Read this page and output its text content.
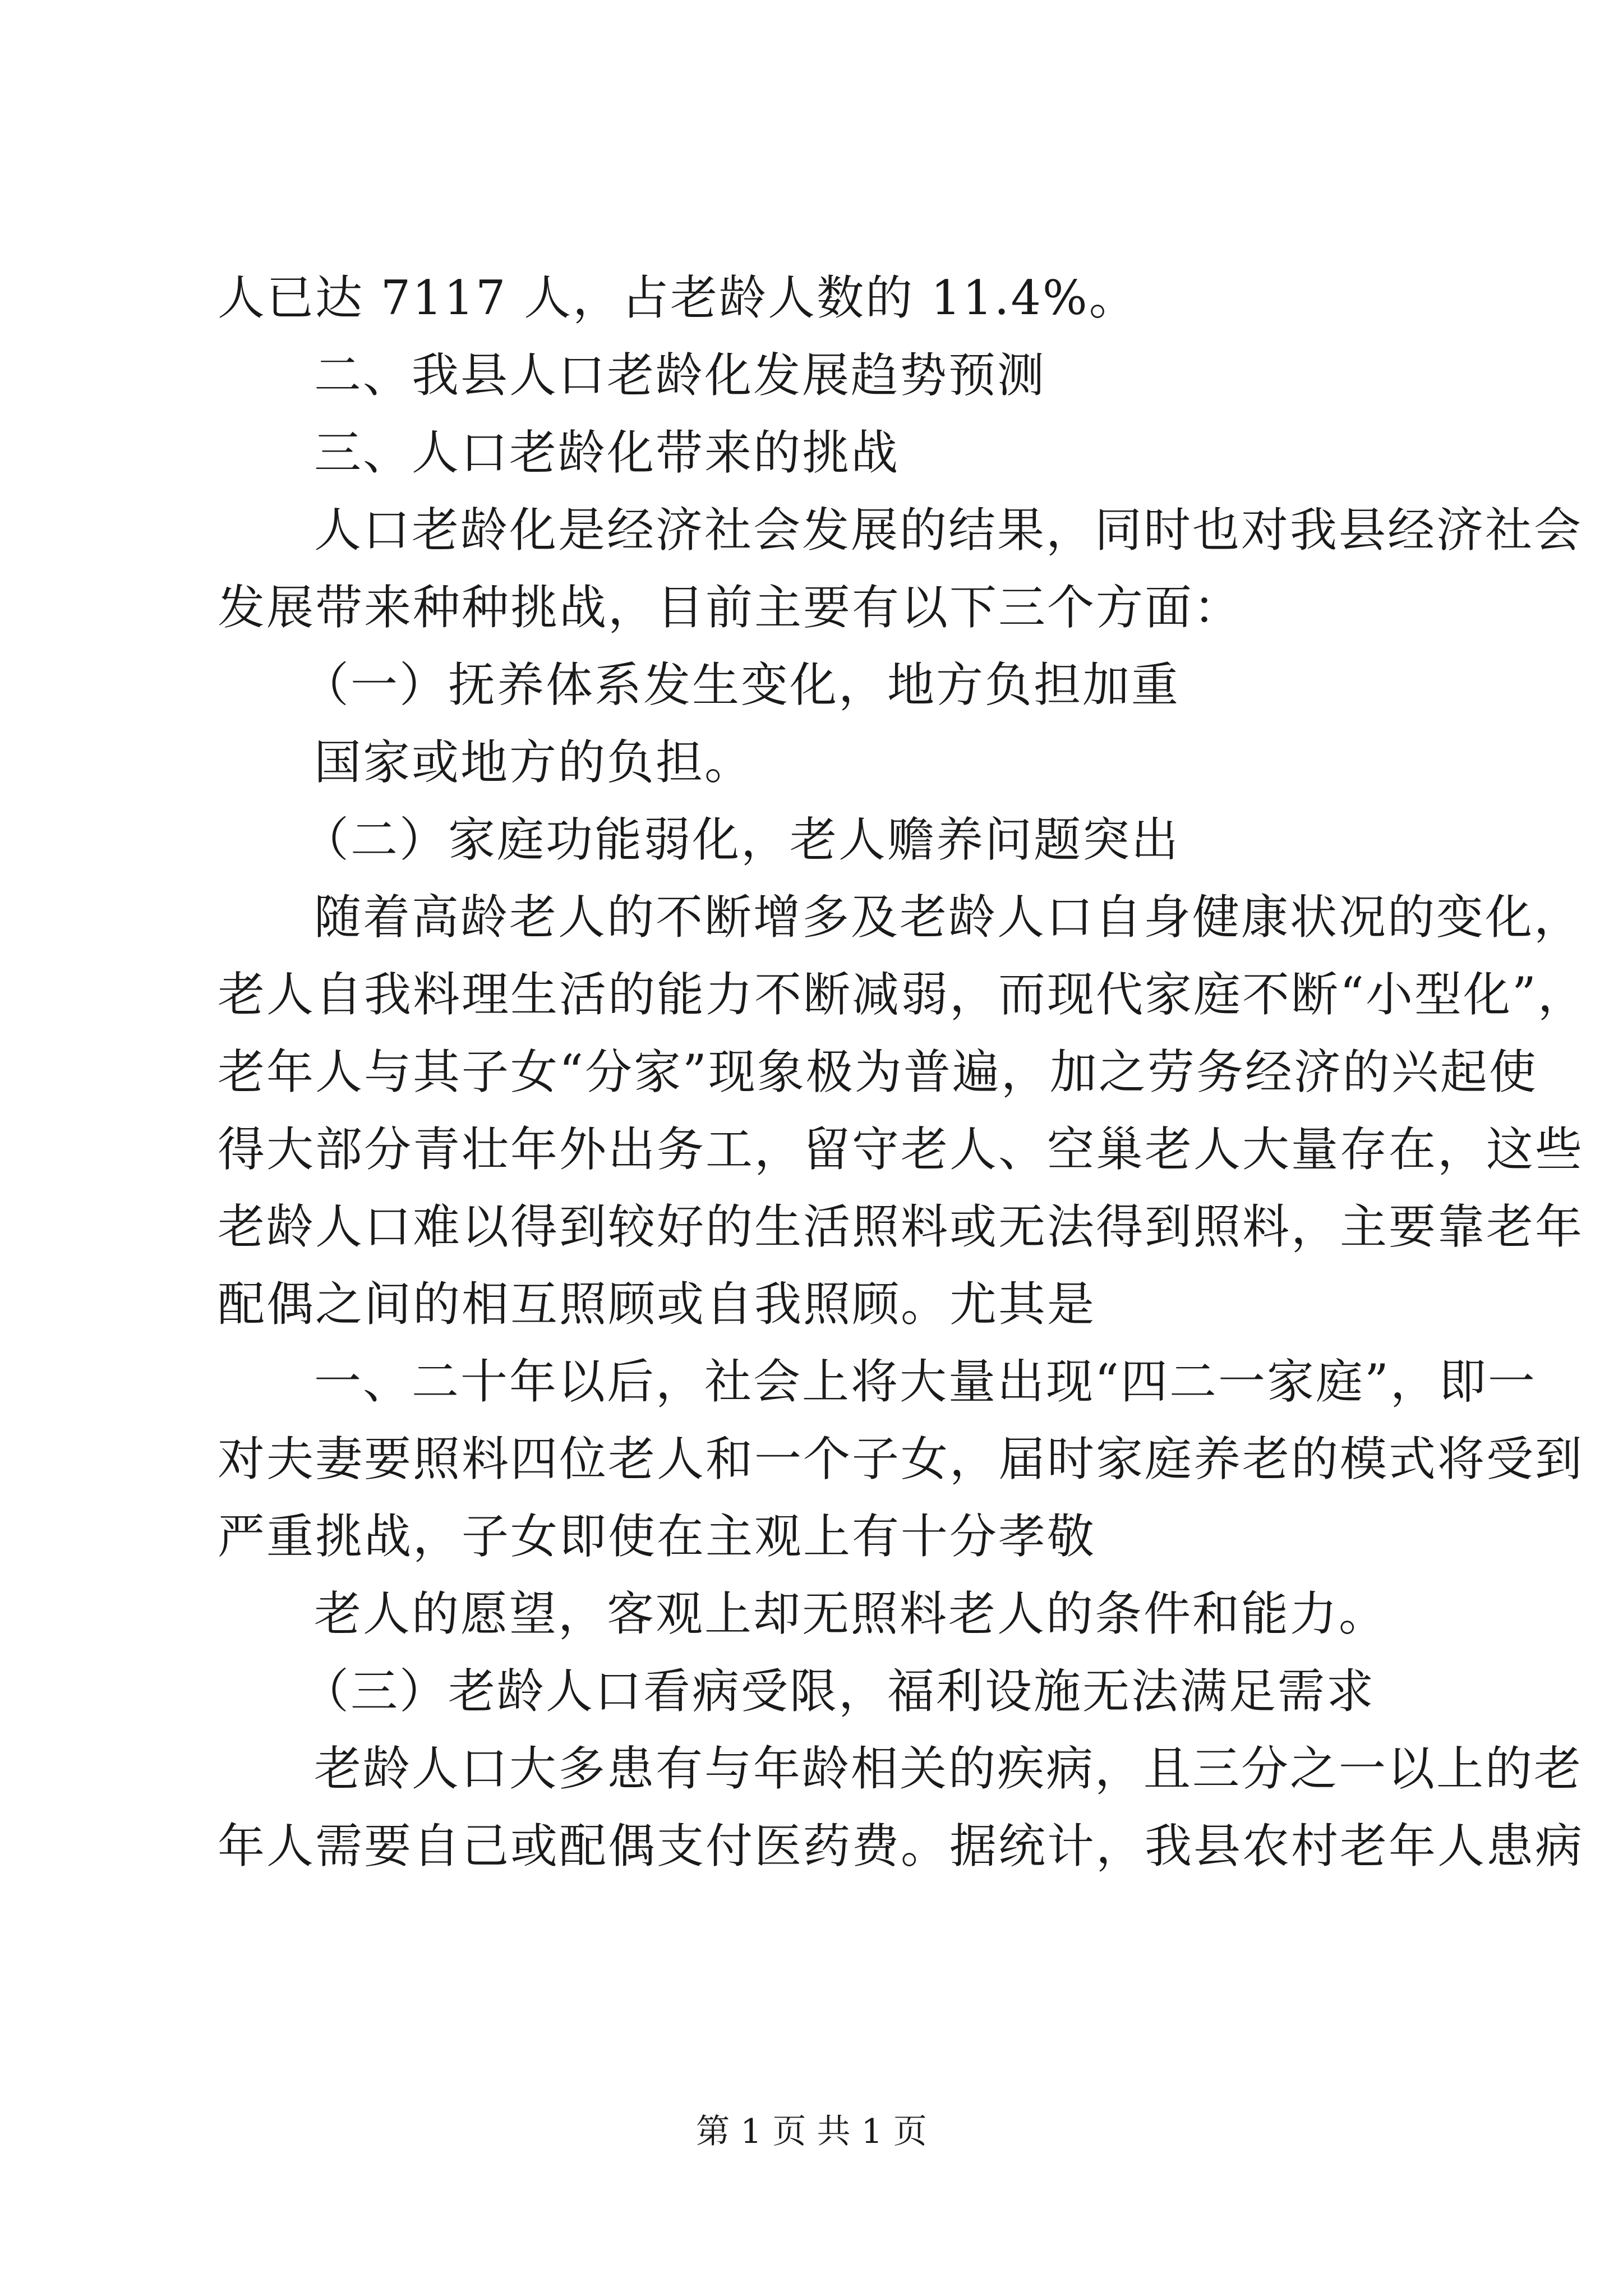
人已达 7117 人，占老龄人数的 11.4%。
二、我县人口老龄化发展趋势预测
三、人口老龄化带来的挑战
人口老龄化是经济社会发展的结果，同时也对我县经济社会
发展带来种种挑战，目前主要有以下三个方面：
（一）抚养体系发生变化，地方负担加重
国家或地方的负担。
（二）家庭功能弱化，老人赡养问题突出
随着高龄老人的不断增多及老龄人口自身健康状况的变化，
老人自我料理生活的能力不断减弱，而现代家庭不断“小型化”，
老年人与其子女“分家”现象极为普遍，加之劳务经济的兴起使
得大部分青壮年外出务工，留守老人、空巢老人大量存在，这些
老龄人口难以得到较好的生活照料或无法得到照料，主要靠老年
配偶之间的相互照顾或自我照顾。尤其是
一、二十年以后，社会上将大量出现“四二一家庭”，即一
对夫妻要照料四位老人和一个子女，届时家庭养老的模式将受到
严重挑战，子女即使在主观上有十分孝敬
老人的愿望，客观上却无照料老人的条件和能力。
（三）老龄人口看病受限，福利设施无法满足需求
老龄人口大多患有与年龄相关的疾病，且三分之一以上的老
年人需要自己或配偶支付医药费。据统计，我县农村老年人患病
第 1 页 共 1 页
